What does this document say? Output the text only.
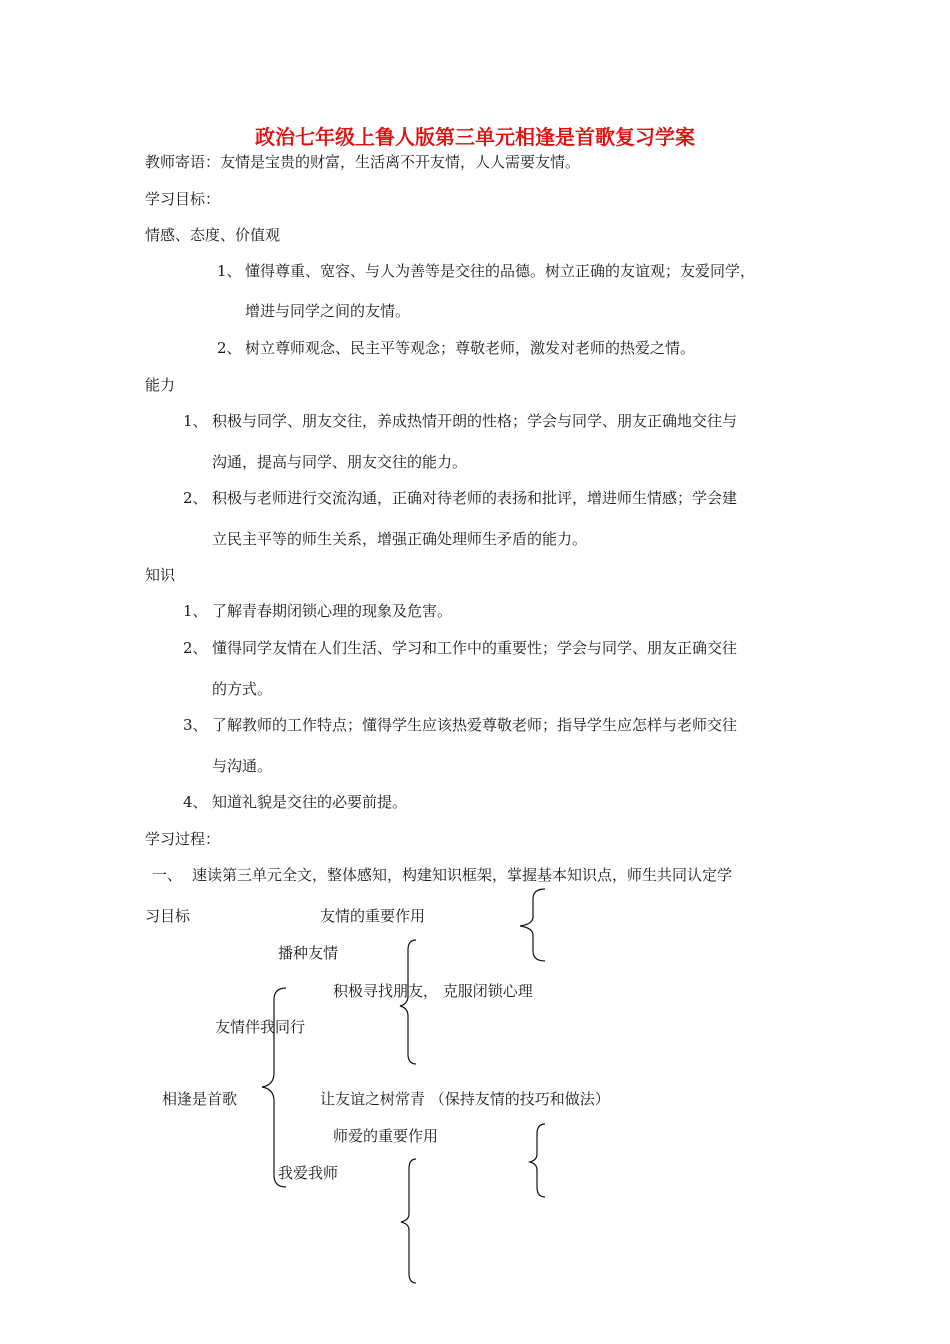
政治七年级上鲁人版第三单元相逢是首歌复习学案
教师寄语：友情是宝贵的财富，生活离不开友情，人人需要友情。
学习目标：
情感、态度、价值观
1、 懂得尊重、宽容、与人为善等是交往的品德。树立正确的友谊观；友爱同学，
增进与同学之间的友情。
2、 树立尊师观念、民主平等观念；尊敬老师，激发对老师的热爱之情。
能力
1、 积极与同学、朋友交往，养成热情开朗的性格；学会与同学、朋友正确地交往与
沟通，提高与同学、朋友交往的能力。
2、 积极与老师进行交流沟通，正确对待老师的表扬和批评，增进师生情感；学会建
立民主平等的师生关系，增强正确处理师生矛盾的能力。
知识
1、 了解青春期闭锁心理的现象及危害。
2、 懂得同学友情在人们生活、学习和工作中的重要性；学会与同学、朋友正确交往
的方式。
3、 了解教师的工作特点；懂得学生应该热爱尊敬老师；指导学生应怎样与老师交往
与沟通。
4、 知道礼貌是交往的必要前提。
学习过程：
一、 速读第三单元全文，整体感知，构建知识框架，掌握基本知识点，师生共同认定学
习目标	友情的重要作用
播种友情
积极寻找朋友， 克服闭锁心理
友情伴我同行
相逢是首歌	让友谊之树常青 （保持友情的技巧和做法）
师爱的重要作用
我爱我师
